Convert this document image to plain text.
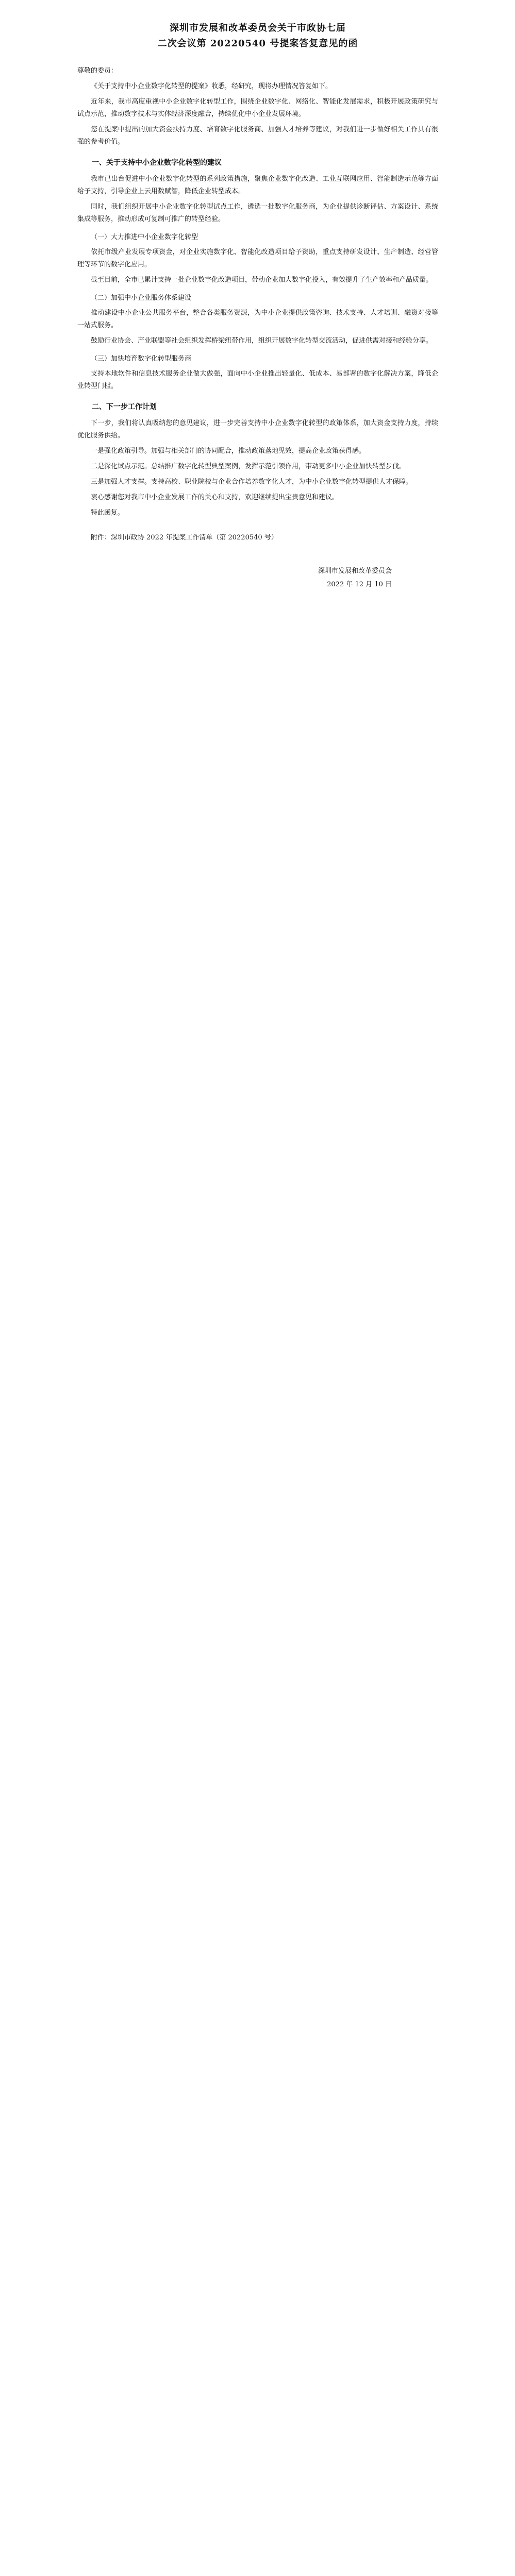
深圳市发展和改革委员会关于市政协七届
二次会议第 20220540 号提案答复意见的函
尊敬的委员：

《关于支持中小企业数字化转型的提案》收悉，经研究，现将办理情况答复如下。

近年来，我市高度重视中小企业数字化转型工作，围绕企业数字化、网络化、智能化发展需求，积极开展政策研究与试点示范，推动数字技术与实体经济深度融合，持续优化中小企业发展环境。

您在提案中提出的加大资金扶持力度、培育数字化服务商、加强人才培养等建议，对我们进一步做好相关工作具有很强的参考价值。

一、关于支持中小企业数字化转型的建议

我市已出台促进中小企业数字化转型的系列政策措施，聚焦企业数字化改造、工业互联网应用、智能制造示范等方面给予支持，引导企业上云用数赋智，降低企业转型成本。

同时，我们组织开展中小企业数字化转型试点工作，遴选一批数字化服务商，为企业提供诊断评估、方案设计、系统集成等服务，推动形成可复制可推广的转型经验。

（一）大力推进中小企业数字化转型

依托市级产业发展专项资金，对企业实施数字化、智能化改造项目给予资助，重点支持研发设计、生产制造、经营管理等环节的数字化应用。

截至目前，全市已累计支持一批企业数字化改造项目，带动企业加大数字化投入，有效提升了生产效率和产品质量。

（二）加强中小企业服务体系建设

推动建设中小企业公共服务平台，整合各类服务资源，为中小企业提供政策咨询、技术支持、人才培训、融资对接等一站式服务。

鼓励行业协会、产业联盟等社会组织发挥桥梁纽带作用，组织开展数字化转型交流活动，促进供需对接和经验分享。

（三）加快培育数字化转型服务商

支持本地软件和信息技术服务企业做大做强，面向中小企业推出轻量化、低成本、易部署的数字化解决方案，降低企业转型门槛。

二、下一步工作计划

下一步，我们将认真吸纳您的意见建议，进一步完善支持中小企业数字化转型的政策体系，加大资金支持力度，持续优化服务供给。

一是强化政策引导。加强与相关部门的协同配合，推动政策落地见效，提高企业政策获得感。

二是深化试点示范。总结推广数字化转型典型案例，发挥示范引领作用，带动更多中小企业加快转型步伐。

三是加强人才支撑。支持高校、职业院校与企业合作培养数字化人才，为中小企业数字化转型提供人才保障。

衷心感谢您对我市中小企业发展工作的关心和支持，欢迎继续提出宝贵意见和建议。

特此函复。

附件：深圳市政协 2022 年提案工作清单（第 20220540 号）
深圳市发展和改革委员会
2022 年 12 月 10 日
